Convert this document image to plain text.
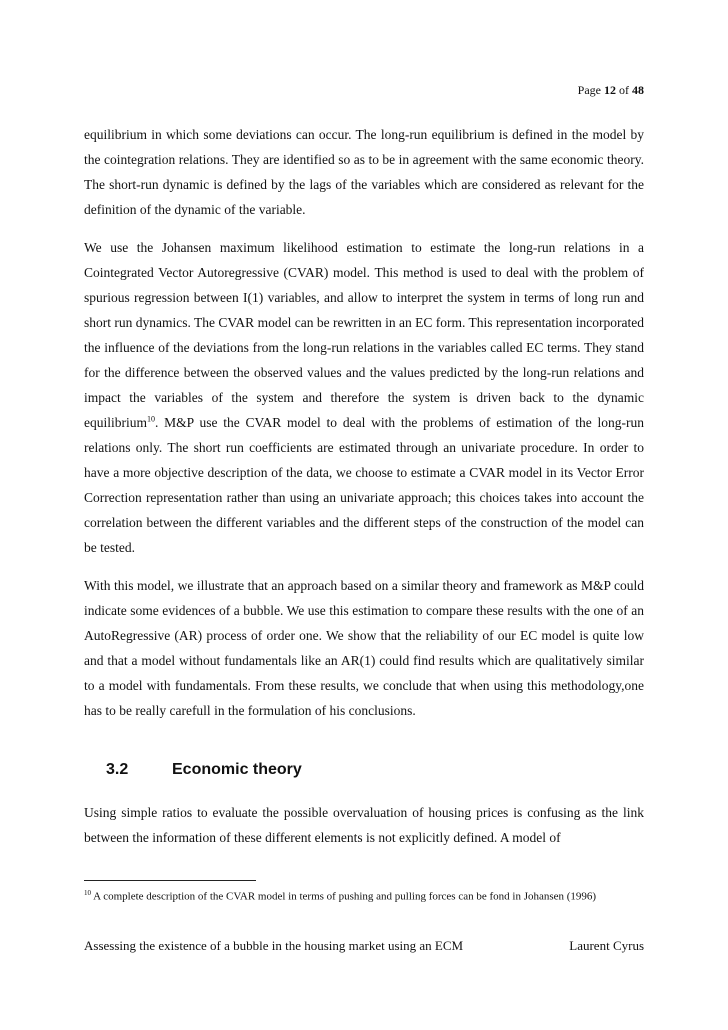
Page 12 of 48

equilibrium in which some deviations can occur. The long-run equilibrium is defined in the model by the cointegration relations. They are identified so as to be in agreement with the same economic theory. The short-run dynamic is defined by the lags of the variables which are considered as relevant for the definition of the dynamic of the variable.

We use the Johansen maximum likelihood estimation to estimate the long-run relations in a Cointegrated Vector Autoregressive (CVAR) model. This method is used to deal with the problem of spurious regression between I(1) variables, and allow to interpret the system in terms of long run and short run dynamics. The CVAR model can be rewritten in an EC form. This representation incorporated the influence of the deviations from the long-run relations in the variables called EC terms. They stand for the difference between the observed values and the values predicted by the long-run relations and impact the variables of the system and therefore the system is driven back to the dynamic equilibrium$^{10}$. M&P use the CVAR model to deal with the problems of estimation of the long-run relations only. The short run coefficients are estimated through an univariate procedure. In order to have a more objective description of the data, we choose to estimate a CVAR model in its Vector Error Correction representation rather than using an univariate approach; this choices takes into account the correlation between the different variables and the different steps of the construction of the model can be tested.

With this model, we illustrate that an approach based on a similar theory and framework as M&P could indicate some evidences of a bubble. We use this estimation to compare these results with the one of an AutoRegressive (AR) process of order one. We show that the reliability of our EC model is quite low and that a model without fundamentals like an AR(1) could find results which are qualitatively similar to a model with fundamentals. From these results, we conclude that when using this methodology,one has to be really carefull in the formulation of his conclusions.

3.2	Economic theory

Using simple ratios to evaluate the possible overvaluation of housing prices is confusing as the link between the information of these different elements is not explicitly defined. A model of

$^{10}$ A complete description of the CVAR model in terms of pushing and pulling forces can be fond in Johansen (1996)
Assessing the existence of a bubble in the housing market using an ECM	Laurent Cyrus
